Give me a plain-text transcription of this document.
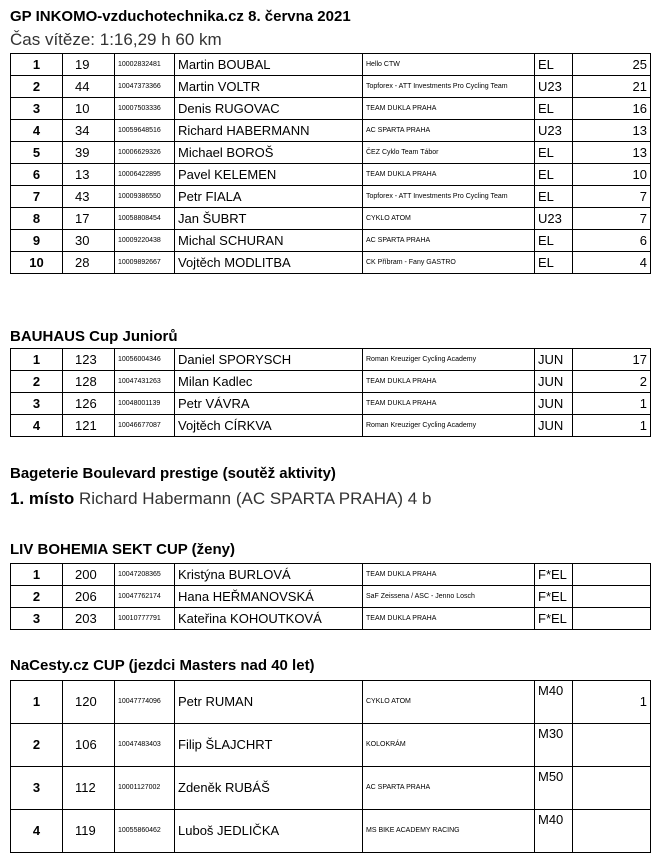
GP INKOMO-vzduchotechnika.cz 8. června 2021
Čas vítěze: 1:16,29 h 60 km
1	19	10002832481	Martin BOUBAL	Hello CTW	EL	25
2	44	10047373366	Martin VOLTR	Topforex - ATT Investments Pro Cycling Team	U23	21
3	10	10007503336	Denis RUGOVAC	TEAM DUKLA PRAHA	EL	16
4	34	10059648516	Richard HABERMANN	AC SPARTA PRAHA	U23	13
5	39	10006629326	Michael BOROŠ	ČEZ Cyklo Team Tábor	EL	13
6	13	10006422895	Pavel KELEMEN	TEAM DUKLA PRAHA	EL	10
7	43	10009386550	Petr FIALA	Topforex - ATT Investments Pro Cycling Team	EL	7
8	17	10058808454	Jan ŠUBRT	CYKLO ATOM	U23	7
9	30	10009220438	Michal SCHURAN	AC SPARTA PRAHA	EL	6
10	28	10009892667	Vojtěch MODLITBA	CK Příbram - Fany GASTRO	EL	4
BAUHAUS Cup Juniorů
1	123	10056004346	Daniel SPORYSCH	Roman Kreuziger Cycling Academy	JUN	17
2	128	10047431263	Milan Kadlec	TEAM DUKLA PRAHA	JUN	2
3	126	10048001139	Petr VÁVRA	TEAM DUKLA PRAHA	JUN	1
4	121	10046677087	Vojtěch CÍRKVA	Roman Kreuziger Cycling Academy	JUN	1
Bageterie Boulevard prestige (soutěž aktivity)
1. místo Richard Habermann (AC SPARTA PRAHA) 4 b
LIV BOHEMIA SEKT CUP (ženy)
1	200	10047208365	Kristýna BURLOVÁ	TEAM DUKLA PRAHA	F*EL	
2	206	10047762174	Hana HEŘMANOVSKÁ	SaF Zeissena / ASC - Jenno Losch	F*EL	
3	203	10010777791	Kateřina KOHOUTKOVÁ	TEAM DUKLA PRAHA	F*EL	
NaCesty.cz CUP (jezdci Masters nad 40 let)
1	120	10047774096	Petr RUMAN	CYKLO ATOM	M40	1
2	106	10047483403	Filip ŠLAJCHRT	KOLOKRÁM	M30	
3	112	10001127002	Zdeněk RUBÁŠ	AC SPARTA PRAHA	M50	
4	119	10055860462	Luboš JEDLIČKA	MS BIKE ACADEMY RACING	M40	
